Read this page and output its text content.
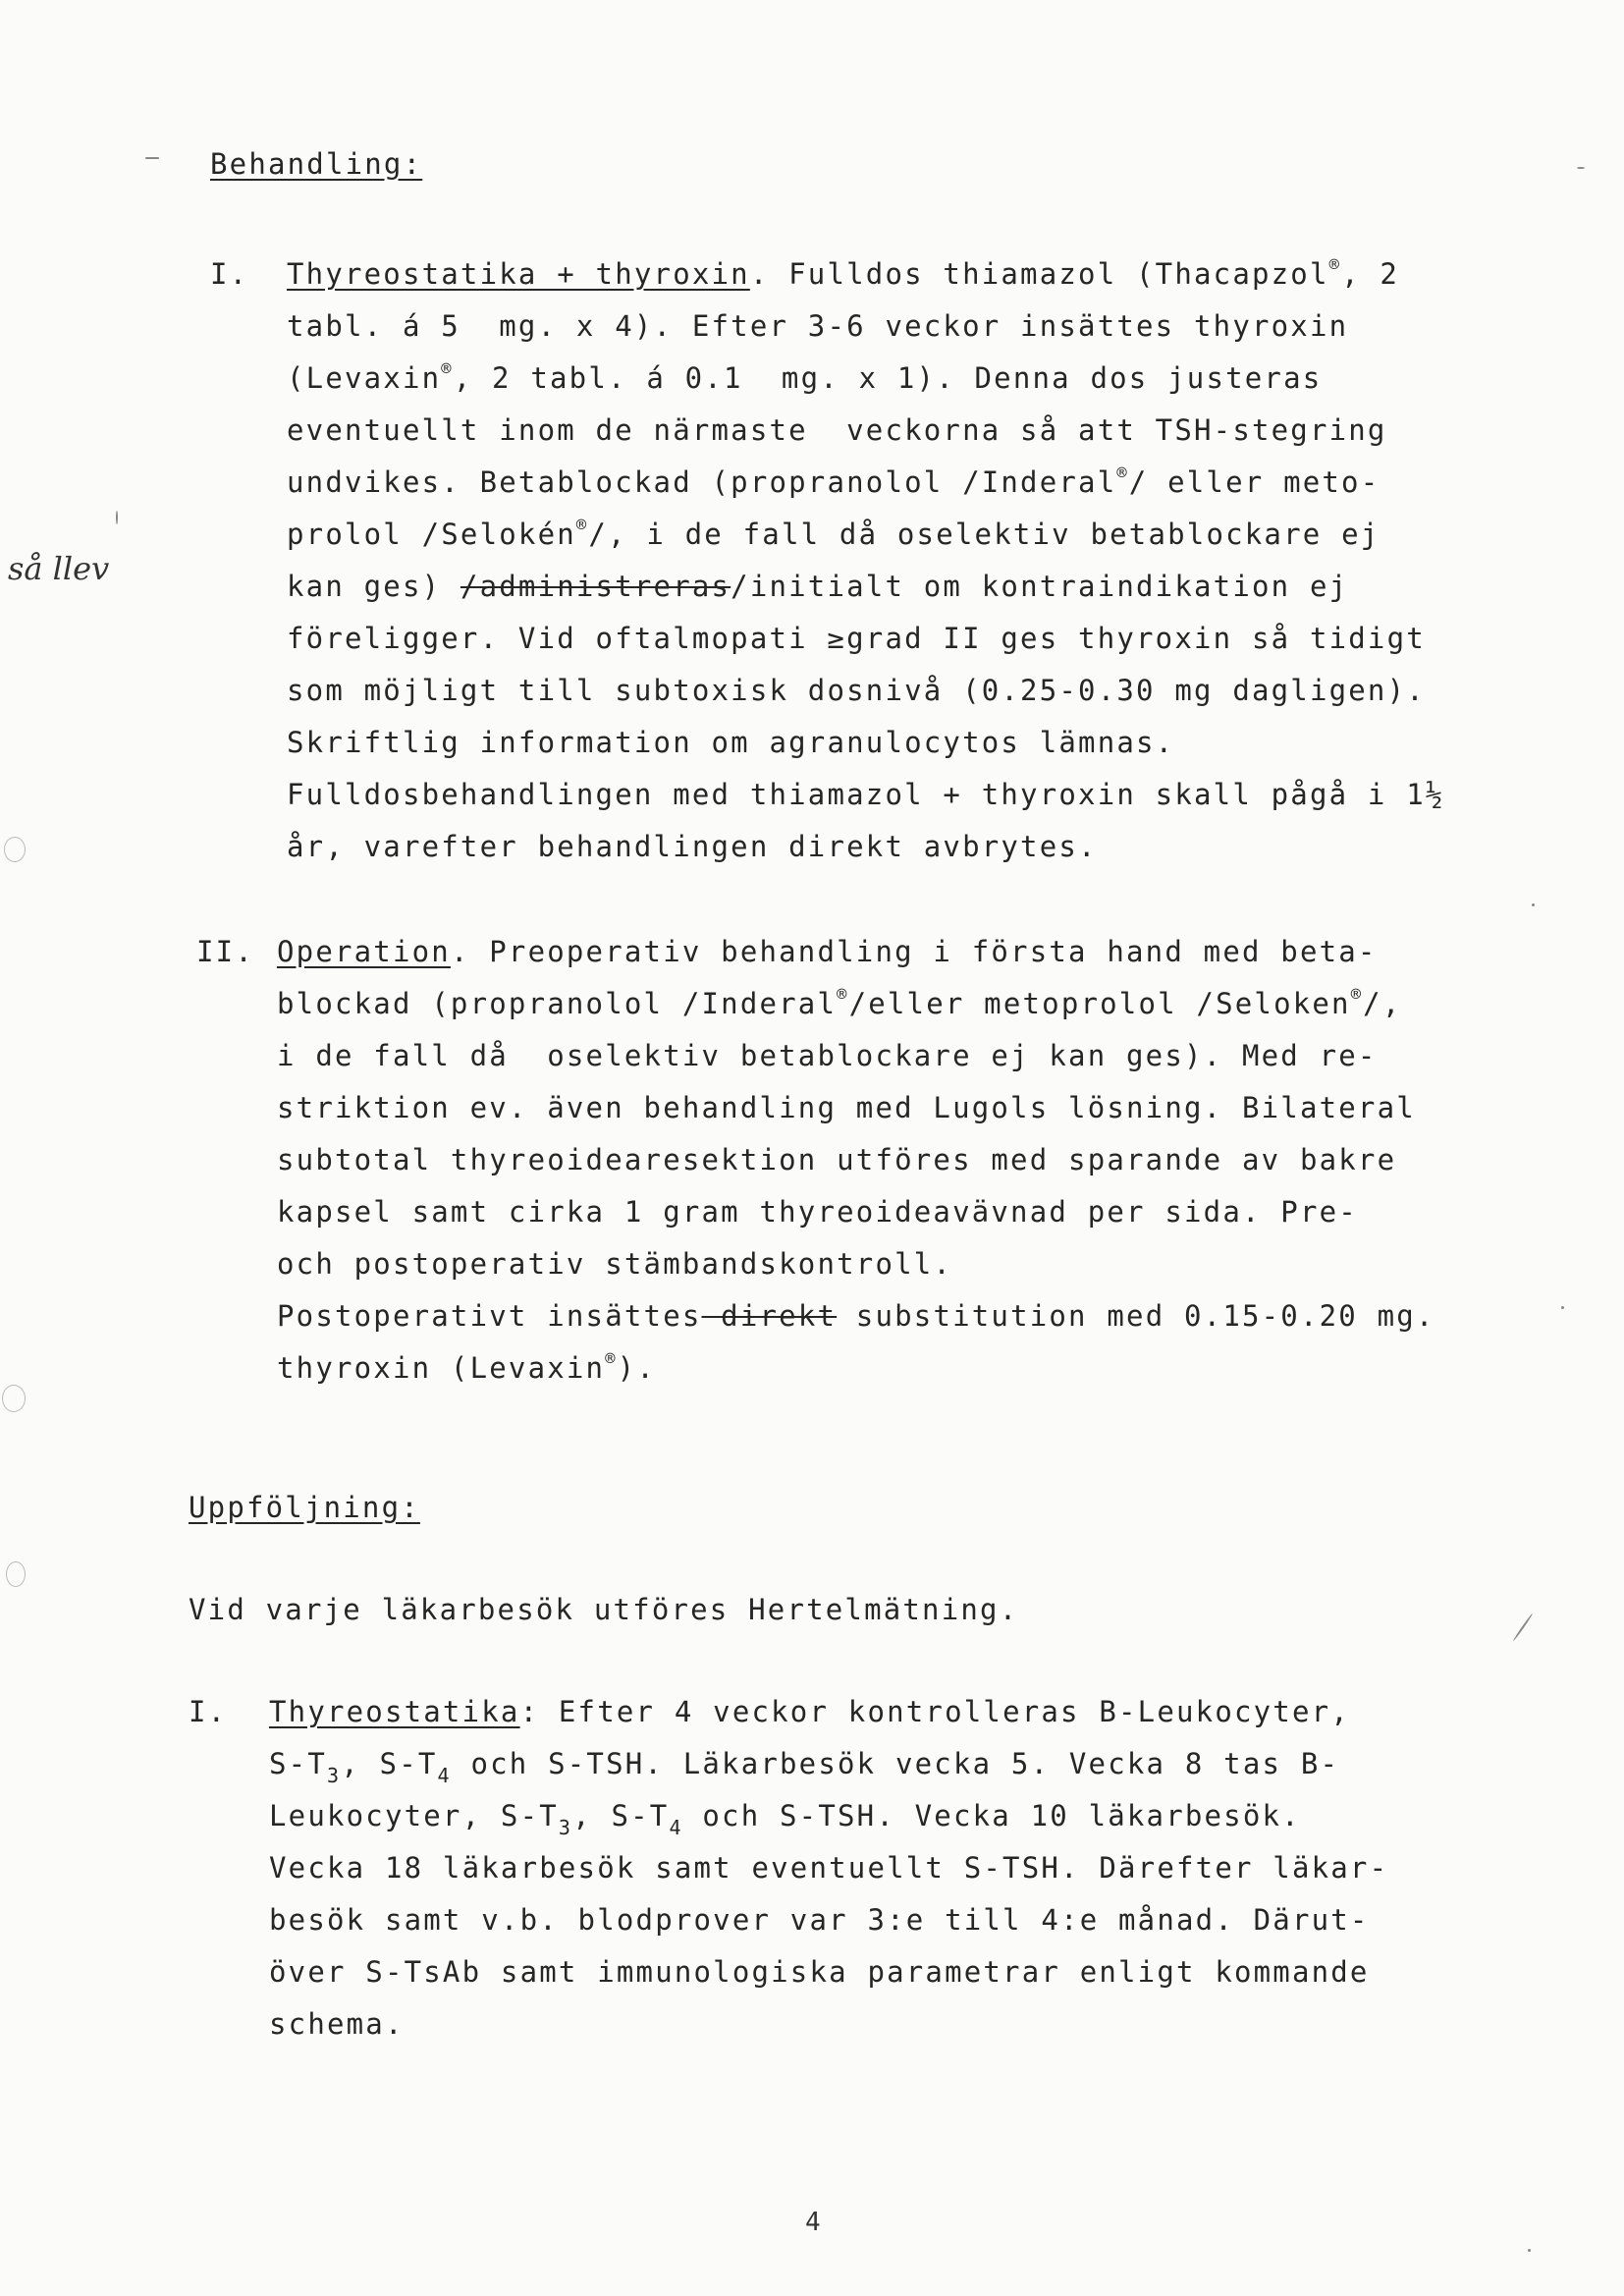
så llev
Behandling:
I. Thyreostatika + thyroxin. Fulldos thiamazol (Thacapzol®, 2
tabl. á 5  mg. x 4). Efter 3-6 veckor insättes thyroxin
(Levaxin®, 2 tabl. á 0.1  mg. x 1). Denna dos justeras
eventuellt inom de närmaste  veckorna så att TSH-stegring
undvikes. Betablockad (propranolol /Inderal®/ eller meto-
prolol /Selokén®/, i de fall då oselektiv betablockare ej
kan ges) /administreras/initialt om kontraindikation ej
föreligger. Vid oftalmopati ≥grad II ges thyroxin så tidigt
som möjligt till subtoxisk dosnivå (0.25-0.30 mg dagligen).
Skriftlig information om agranulocytos lämnas.
Fulldosbehandlingen med thiamazol + thyroxin skall pågå i 1½
år, varefter behandlingen direkt avbrytes.
II. Operation. Preoperativ behandling i första hand med beta-
blockad (propranolol /Inderal®/eller metoprolol /Seloken®/,
i de fall då  oselektiv betablockare ej kan ges). Med re-
striktion ev. även behandling med Lugols lösning. Bilateral
subtotal thyreoidearesektion utföres med sparande av bakre
kapsel samt cirka 1 gram thyreoideavävnad per sida. Pre-
och postoperativ stämbandskontroll.
Postoperativt insättes direkt substitution med 0.15-0.20 mg.
thyroxin (Levaxin®).
Uppföljning:
Vid varje läkarbesök utföres Hertelmätning.
I. Thyreostatika: Efter 4 veckor kontrolleras B-Leukocyter,
$S-T_3$, $S-T_4$ och S-TSH. Läkarbesök vecka 5. Vecka 8 tas B-
Leukocyter, $S-T_3$, $S-T_4$ och S-TSH. Vecka 10 läkarbesök.
Vecka 18 läkarbesök samt eventuellt S-TSH. Därefter läkar-
besök samt v.b. blodprover var 3:e till 4:e månad. Därut-
över S-TsAb samt immunologiska parametrar enligt kommande
schema.
4
